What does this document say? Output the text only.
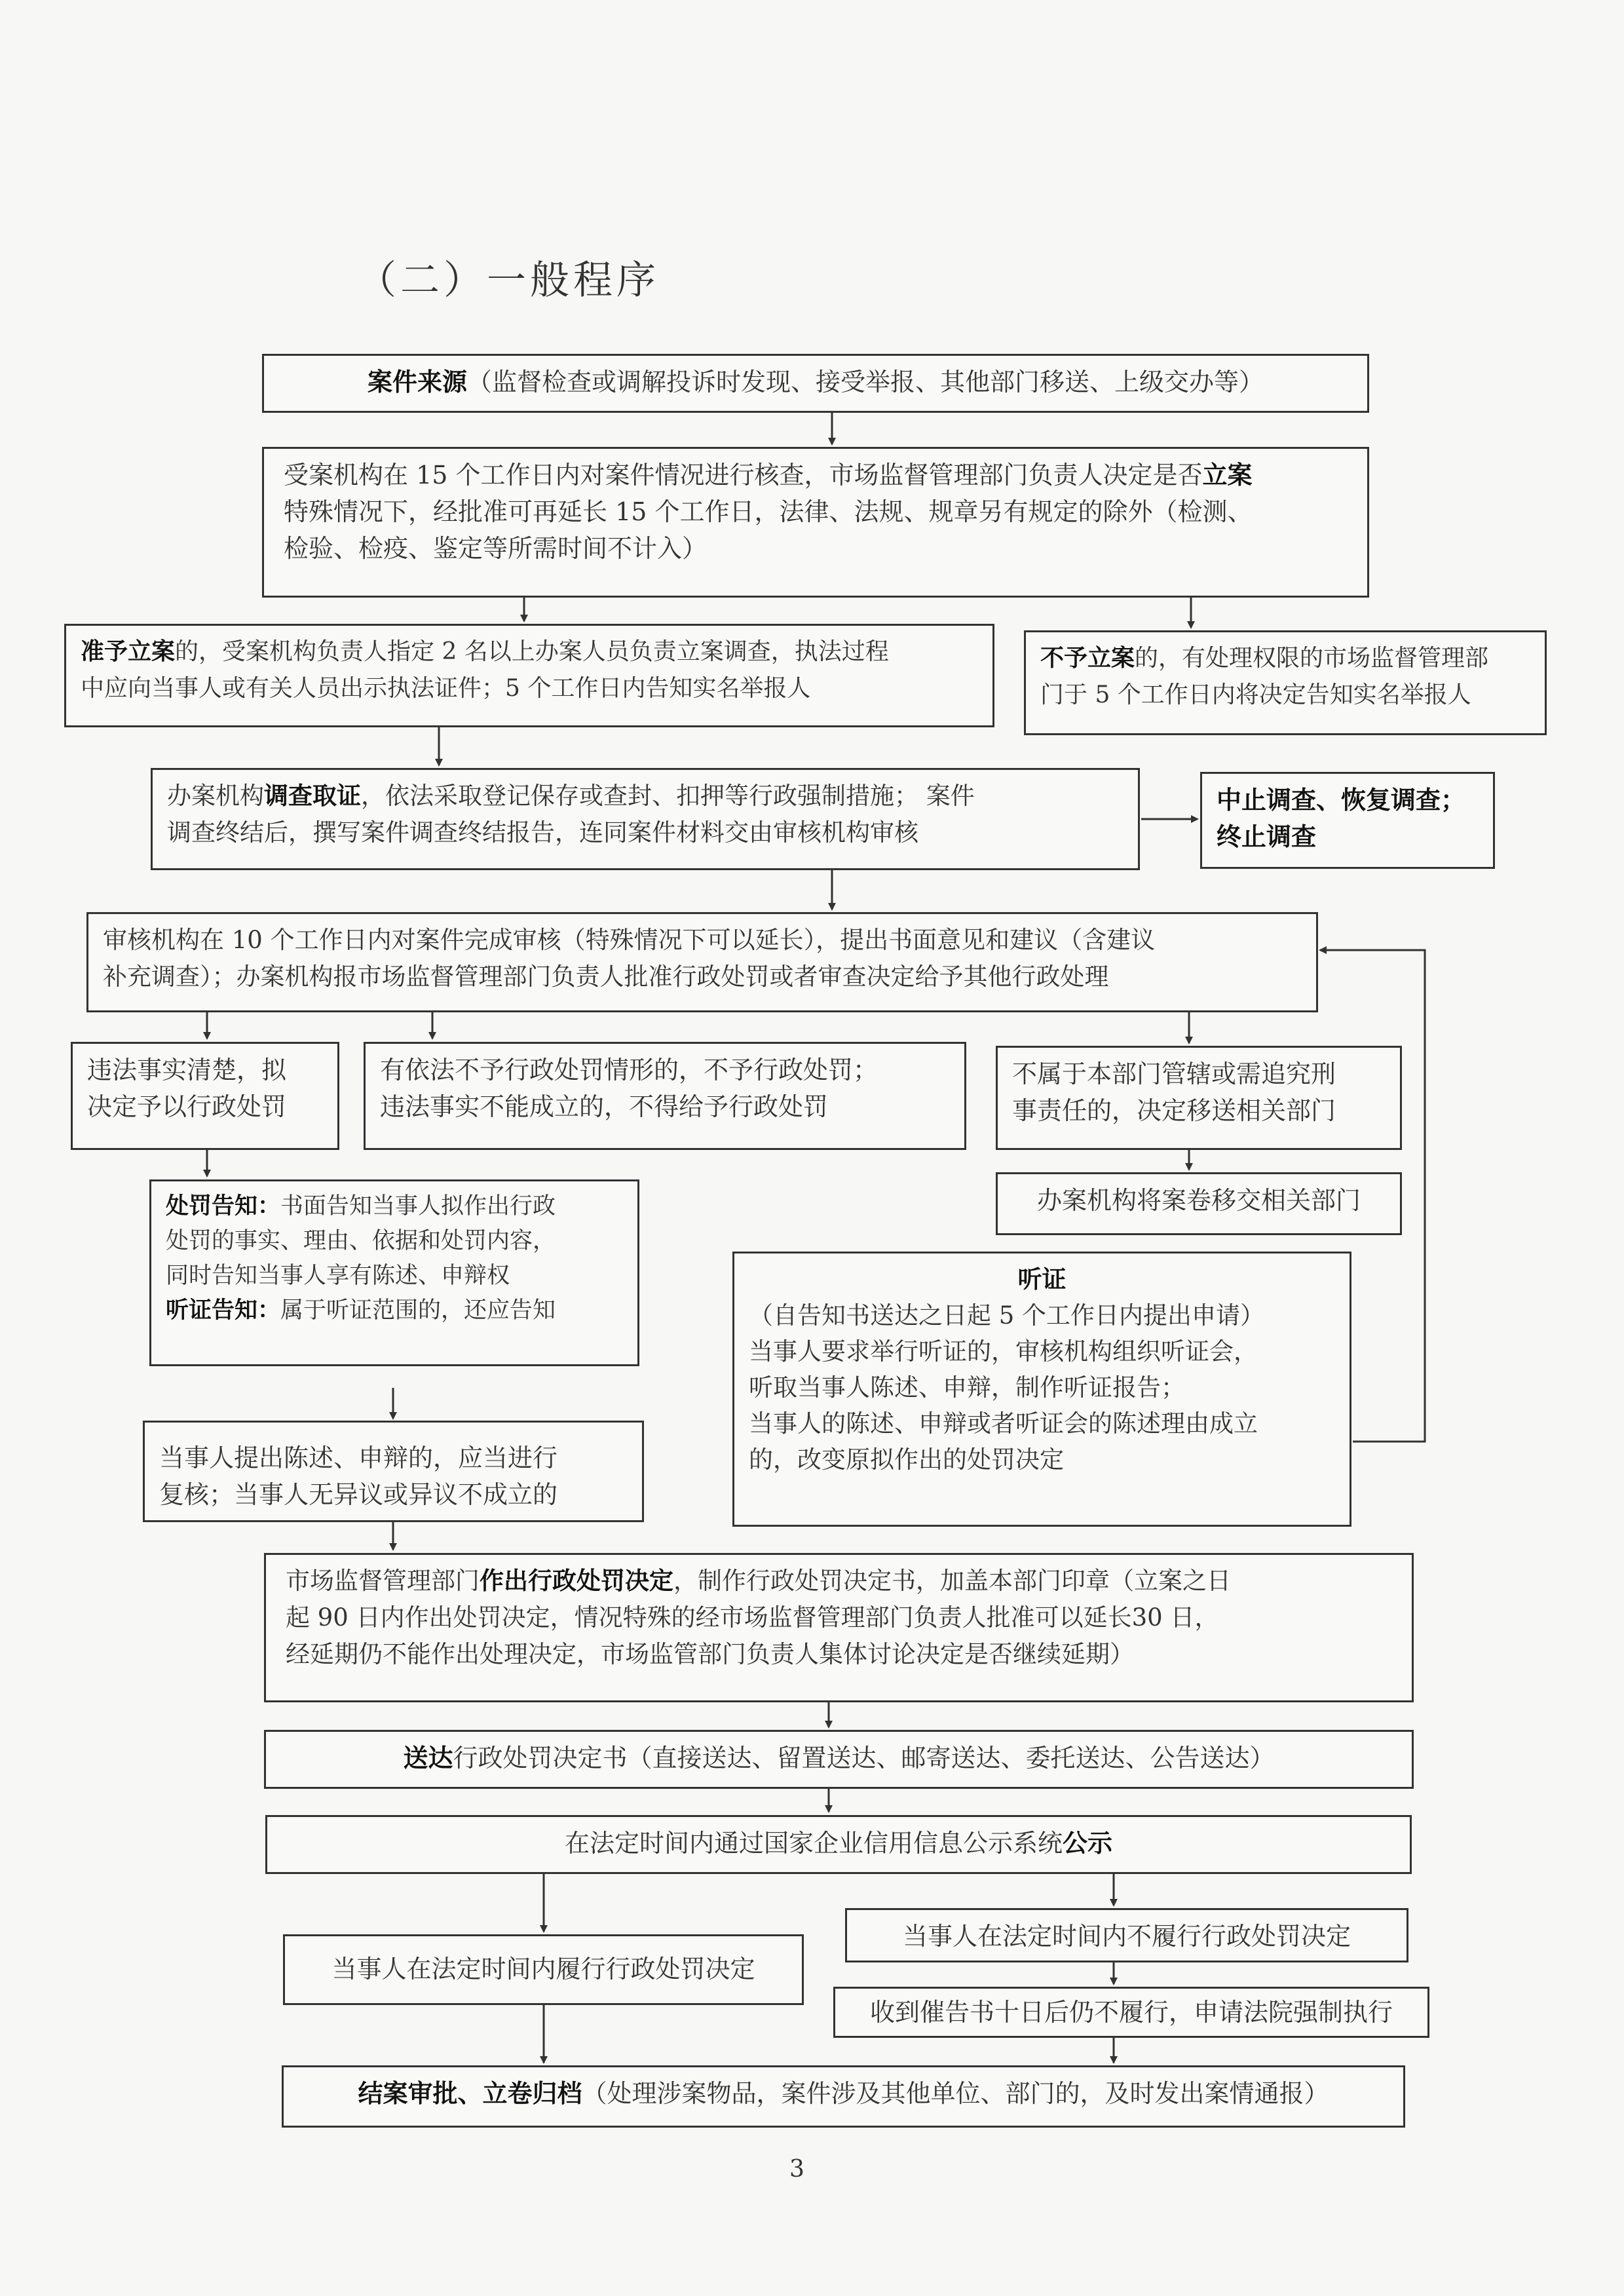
（二）一般程序
案件来源（监督检查或调解投诉时发现、接受举报、其他部门移送、上级交办等）
受案机构在 15 个工作日内对案件情况进行核查，市场监督管理部门负责人决定是否立案
特殊情况下，经批准可再延长 15 个工作日，法律、法规、规章另有规定的除外（检测、
检验、检疫、鉴定等所需时间不计入）
准予立案的，受案机构负责人指定 2 名以上办案人员负责立案调查，执法过程
中应向当事人或有关人员出示执法证件；5 个工作日内告知实名举报人
不予立案的，有处理权限的市场监督管理部
门于 5 个工作日内将决定告知实名举报人
办案机构调查取证，依法采取登记保存或查封、扣押等行政强制措施； 案件
调查终结后，撰写案件调查终结报告，连同案件材料交由审核机构审核
中止调查、恢复调查；
终止调查
审核机构在 10 个工作日内对案件完成审核（特殊情况下可以延长），提出书面意见和建议（含建议
补充调查）；办案机构报市场监督管理部门负责人批准行政处罚或者审查决定给予其他行政处理
违法事实清楚，拟
决定予以行政处罚
有依法不予行政处罚情形的，不予行政处罚；
违法事实不能成立的，不得给予行政处罚
不属于本部门管辖或需追究刑
事责任的，决定移送相关部门
办案机构将案卷移交相关部门
处罚告知：书面告知当事人拟作出行政
处罚的事实、理由、依据和处罚内容，
同时告知当事人享有陈述、申辩权
听证告知：属于听证范围的，还应告知
听证
（自告知书送达之日起 5 个工作日内提出申请）
当事人要求举行听证的，审核机构组织听证会，
听取当事人陈述、申辩，制作听证报告；
当事人的陈述、申辩或者听证会的陈述理由成立
的，改变原拟作出的处罚决定
当事人提出陈述、申辩的，应当进行
复核；当事人无异议或异议不成立的
市场监督管理部门作出行政处罚决定，制作行政处罚决定书，加盖本部门印章（立案之日
起 90 日内作出处罚决定，情况特殊的经市场监督管理部门负责人批准可以延长30 日，
经延期仍不能作出处理决定，市场监管部门负责人集体讨论决定是否继续延期）
送达行政处罚决定书（直接送达、留置送达、邮寄送达、委托送达、公告送达）
在法定时间内通过国家企业信用信息公示系统公示
当事人在法定时间内履行行政处罚决定
当事人在法定时间内不履行行政处罚决定
收到催告书十日后仍不履行，申请法院强制执行
结案审批、立卷归档（处理涉案物品，案件涉及其他单位、部门的，及时发出案情通报）
3
